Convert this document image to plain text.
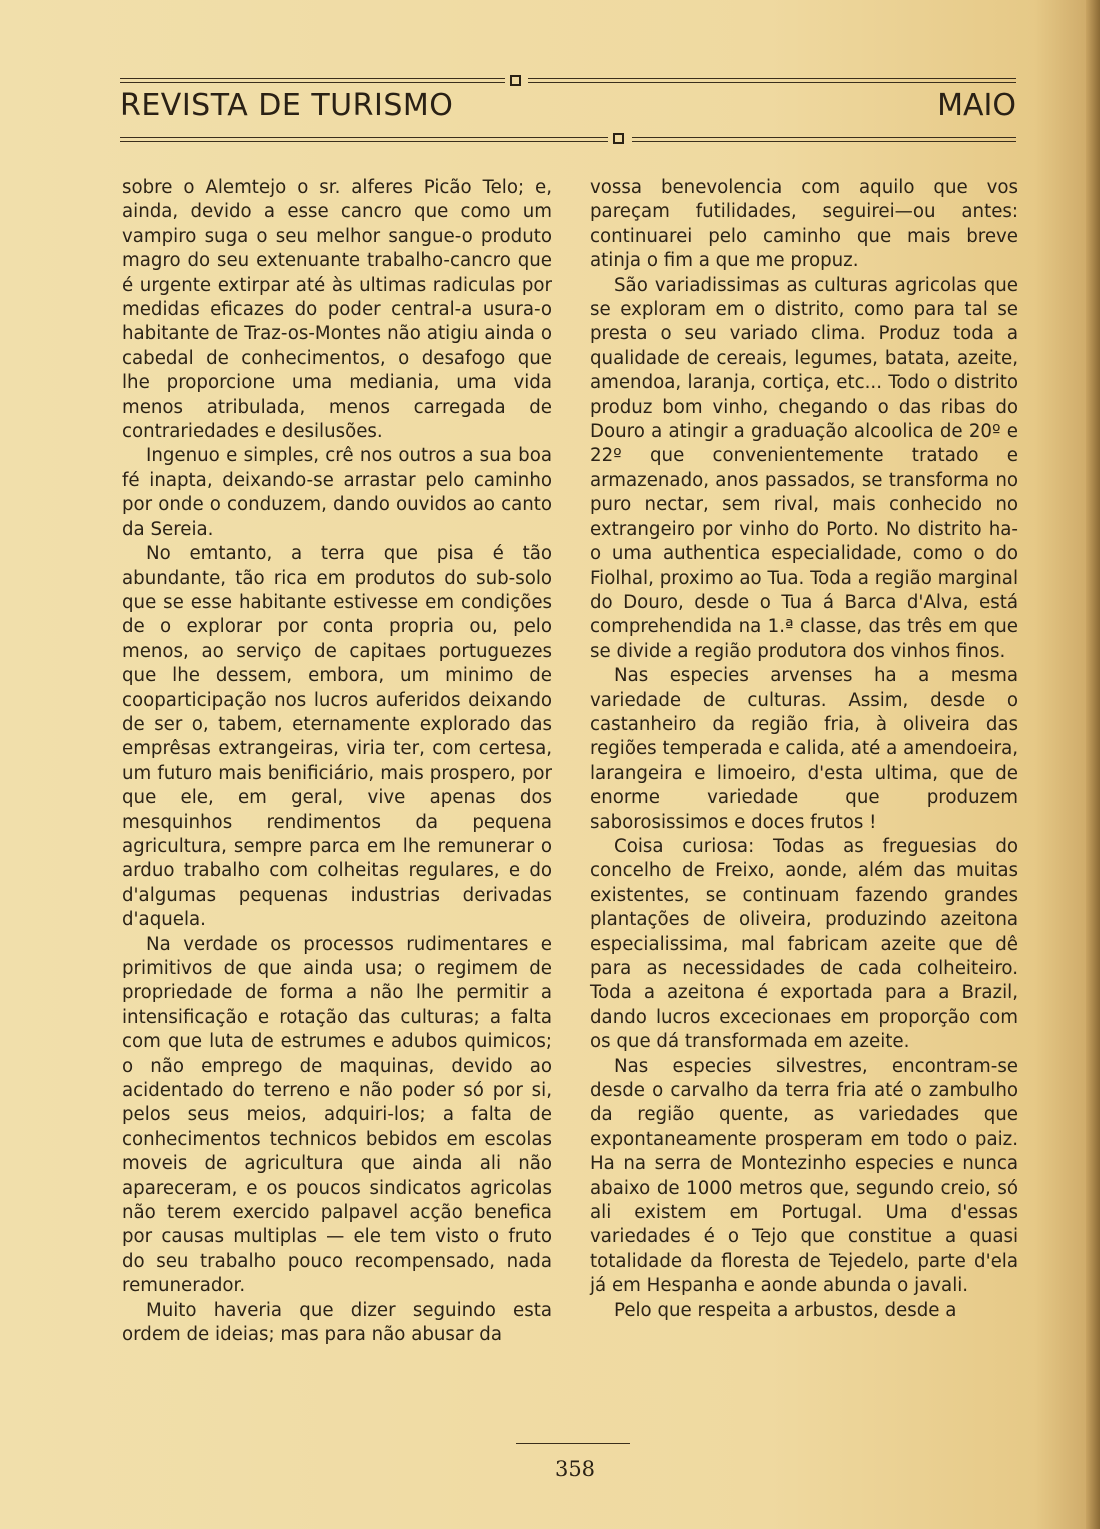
REVISTA DE TURISMO	MAIO

sobre o Alemtejo o sr. alferes Picão Telo; e, ainda, devido a esse cancro que como um vampiro suga o seu melhor sangue-o produto magro do seu extenuante trabalho-cancro que é urgente extirpar até às ultimas radiculas por medidas eficazes do poder central-a usura-o habitante de Traz-os-Montes não atigiu ainda o cabedal de conhecimentos, o desafogo que lhe proporcione uma mediania, uma vida menos atribulada, menos carregada de contrariedades e desilusões.

Ingenuo e simples, crê nos outros a sua boa fé inapta, deixando-se arrastar pelo caminho por onde o conduzem, dando ouvidos ao canto da Sereia.

No emtanto, a terra que pisa é tão abundante, tão rica em produtos do sub-solo que se esse habitante estivesse em condições de o explorar por conta propria ou, pelo menos, ao serviço de capitaes portuguezes que lhe dessem, embora, um minimo de cooparticipação nos lucros auferidos deixando de ser o, tabem, eternamente explorado das emprêsas extrangeiras, viria ter, com certesa, um futuro mais benificiário, mais prospero, por que ele, em geral, vive apenas dos mesquinhos rendimentos da pequena agricultura, sempre parca em lhe remunerar o arduo trabalho com colheitas regulares, e do d'algumas pequenas industrias derivadas d'aquela.

Na verdade os processos rudimentares e primitivos de que ainda usa; o regimem de propriedade de forma a não lhe permitir a intensificação e rotação das culturas; a falta com que luta de estrumes e adubos quimicos; o não emprego de maquinas, devido ao acidentado do terreno e não poder só por si, pelos seus meios, adquiri-los; a falta de conhecimentos technicos bebidos em escolas moveis de agricultura que ainda ali não apareceram, e os poucos sindicatos agricolas não terem exercido palpavel acção benefica por causas multiplas — ele tem visto o fruto do seu trabalho pouco recompensado, nada remunerador.

Muito haveria que dizer seguindo esta ordem de ideias; mas para não abusar da

vossa benevolencia com aquilo que vos pareçam futilidades, seguirei—ou antes: continuarei pelo caminho que mais breve atinja o fim a que me propuz.

São variadissimas as culturas agricolas que se exploram em o distrito, como para tal se presta o seu variado clima. Produz toda a qualidade de cereais, legumes, batata, azeite, amendoa, laranja, cortiça, etc... Todo o distrito produz bom vinho, chegando o das ribas do Douro a atingir a graduação alcoolica de 20º e 22º que convenientemente tratado e armazenado, anos passados, se transforma no puro nectar, sem rival, mais conhecido no extrangeiro por vinho do Porto. No distrito ha-o uma authentica especialidade, como o do Fiolhal, proximo ao Tua. Toda a região marginal do Douro, desde o Tua á Barca d'Alva, está comprehendida na 1.ª classe, das três em que se divide a região produtora dos vinhos finos.

Nas especies arvenses ha a mesma variedade de culturas. Assim, desde o castanheiro da região fria, à oliveira das regiões temperada e calida, até a amendoeira, larangeira e limoeiro, d'esta ultima, que de enorme variedade que produzem saborosissimos e doces frutos !

Coisa curiosa: Todas as freguesias do concelho de Freixo, aonde, além das muitas existentes, se continuam fazendo grandes plantações de oliveira, produzindo azeitona especialissima, mal fabricam azeite que dê para as necessidades de cada colheiteiro. Toda a azeitona é exportada para a Brazil, dando lucros excecionaes em proporção com os que dá transformada em azeite.

Nas especies silvestres, encontram-se desde o carvalho da terra fria até o zambulho da região quente, as variedades que expontaneamente prosperam em todo o paiz. Ha na serra de Montezinho especies e nunca abaixo de 1000 metros que, segundo creio, só ali existem em Portugal. Uma d'essas variedades é o Tejo que constitue a quasi totalidade da floresta de Tejedelo, parte d'ela já em Hespanha e aonde abunda o javali.

Pelo que respeita a arbustos, desde a

358
